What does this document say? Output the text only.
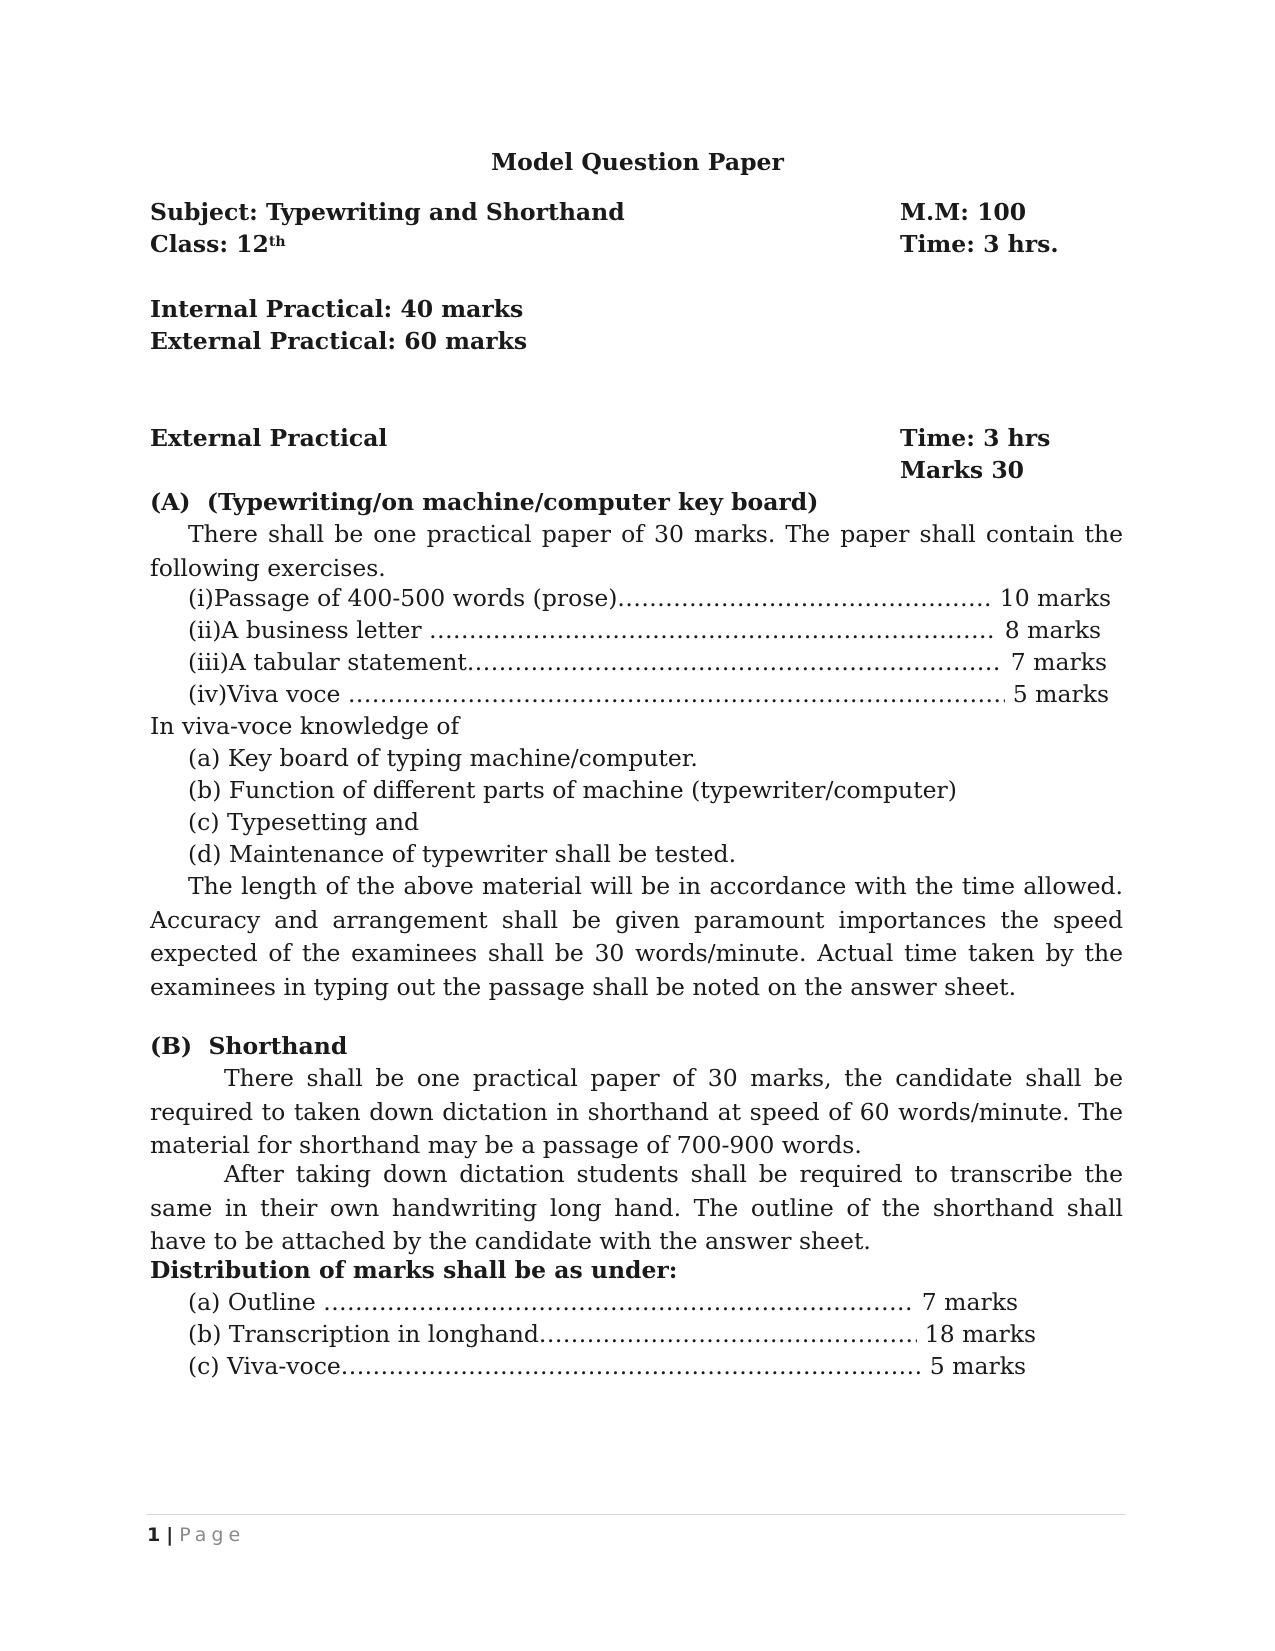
Model Question Paper
Subject: Typewriting and Shorthand	M.M: 100
Class: 12th	Time: 3 hrs.
Internal Practical: 40 marks
External Practical: 60 marks
External Practical	Time: 3 hrs
Marks 30
(A)  (Typewriting/on machine/computer key board)

There shall be one practical paper of 30 marks. The paper shall contain the following exercises.

(i) Passage of 400-500 words (prose) .....	10 marks
(ii) A business letter .....	8 marks
(iii) A tabular statement .....	7 marks
(iv) Viva voce .....	5 marks
In viva-voce knowledge of
(a) Key board of typing machine/computer.
(b) Function of different parts of machine (typewriter/computer)
(c) Typesetting and
(d) Maintenance of typewriter shall be tested.

The length of the above material will be in accordance with the time allowed. Accuracy and arrangement shall be given paramount importances the speed expected of the examinees shall be 30 words/minute. Actual time taken by the examinees in typing out the passage shall be noted on the answer sheet.

(B)  Shorthand

There shall be one practical paper of 30 marks, the candidate shall be required to taken down dictation in shorthand at speed of 60 words/minute. The material for shorthand may be a passage of 700-900 words.

After taking down dictation students shall be required to transcribe the same in their own handwriting long hand. The outline of the shorthand shall have to be attached by the candidate with the answer sheet.

Distribution of marks shall be as under:
(a) Outline .....	7 marks
(b) Transcription in longhand .....	18 marks
(c) Viva-voce .....	5 marks
1 | Page
